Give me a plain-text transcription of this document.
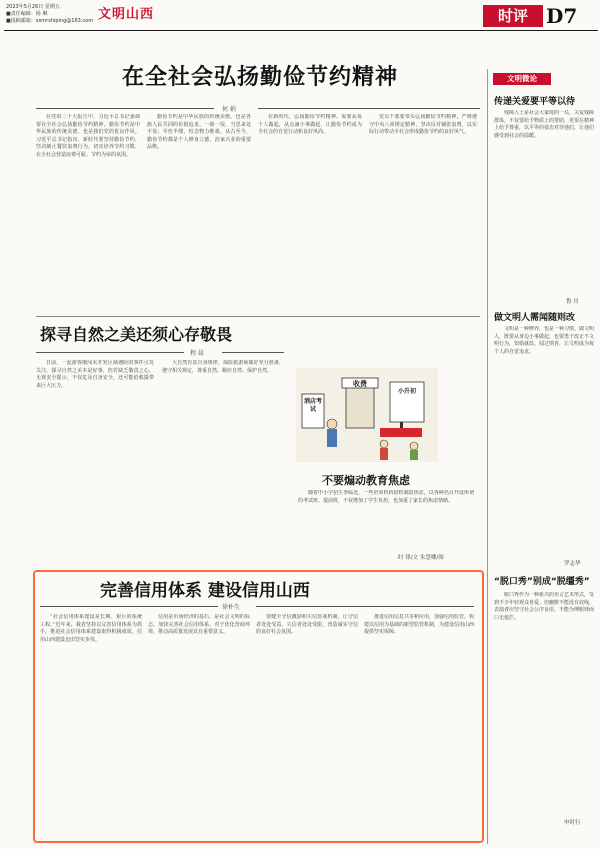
2023年5月26日 星期五
■责任编辑：杨 琳
■投稿邮箱：sxmrshiping@163.com 文明山西	时评 D7
在全社会弘扬勤俭节约精神
何 娟
在党的二十大报告中，习近平总书记强调要在全社会弘扬勤俭节约精神。勤俭节约是中华民族的传统美德，也是我们党的优良作风。习近平总书记指出，新时代要坚持勤俭节约，坚决制止餐饮浪费行为，切实培养节约习惯，在全社会营造浪费可耻、节约为荣的氛围。
勤俭节约是中华民族的传统美德，也是各族人民共同的价值追求。一粥一饭，当思来处不易；半丝半缕，恒念物力维艰。从古至今，勤俭节约都是个人修身立德、治家兴业的重要品格。
在新时代，弘扬勤俭节约精神，需要从每个人做起，从点滴小事做起，让勤俭节约成为全社会的自觉行动和良好风尚。
党员干部要带头弘扬勤俭节约精神，严格遵守中央八项规定精神，坚决反对铺张浪费，以实际行动带动全社会形成勤俭节约的良好风气。
探寻自然之美还须心存敬畏
程 晨
日前，一起游客擅闯未开发区域遇险的事件引发关注。探寻自然之美本是好事，但若缺乏敬畏之心，无视安全提示，不仅危及自身安全，还可能给救援带来巨大压力。
大自然有其自身规律，探险旅游须做好充分准备，遵守相关规定，尊重自然、顺应自然、保护自然。
收费
酒店考试
小升初
不要煽动教育焦虑
随着中小学招生季临近，一些培训机构借机制造焦虑，以各种名目开设所谓的考试班、提前班，不仅增加了学生负担，也加重了家长的焦虑情绪。
时 锋/文 朱慧卿/图
完善信用体系 建设信用山西
徐朴生
“社会信用体系建设是长期、艰巨的系统工程。”近年来，我省坚持以完善信用体系为抓手，推进社会信用体系建设取得积极成效，信用山西建设迈出坚实步伐。
信用是市场经济的基石，是社会文明的标志。加快完善社会信用体系，对于优化营商环境、推动高质量发展具有重要意义。
要健全守信激励和失信惩戒机制，让守信者处处受益、失信者处处受限，营造诚实守信的良好社会氛围。
推进信用信息共享和应用，加强信用监管，构建以信用为基础的新型监管机制，为建设信用山西提供坚实保障。
文明微论
传递关爱要平等以待
残障人士是社会大家庭的一员。关爱残障群体，不仅要给予物质上的帮助，更要在精神上给予尊重，以平等的姿态对待他们，让他们感受到社会的温暖。
鲁 川
做文明人需闻随则改
文明是一种修养，也是一种习惯。做文明人，既要从身边小事做起，也要勇于改正不文明行为，知错就改、闻过则喜，让文明成为每个人的自觉追求。
罗志华
“脱口秀”别成“脱缰秀”
脱口秀作为一种新兴的语言艺术形式，受到不少年轻观众喜爱。但幽默不能没有底线，表演者应坚守社会公序良俗，不能为博眼球而口无遮拦。
申时行
